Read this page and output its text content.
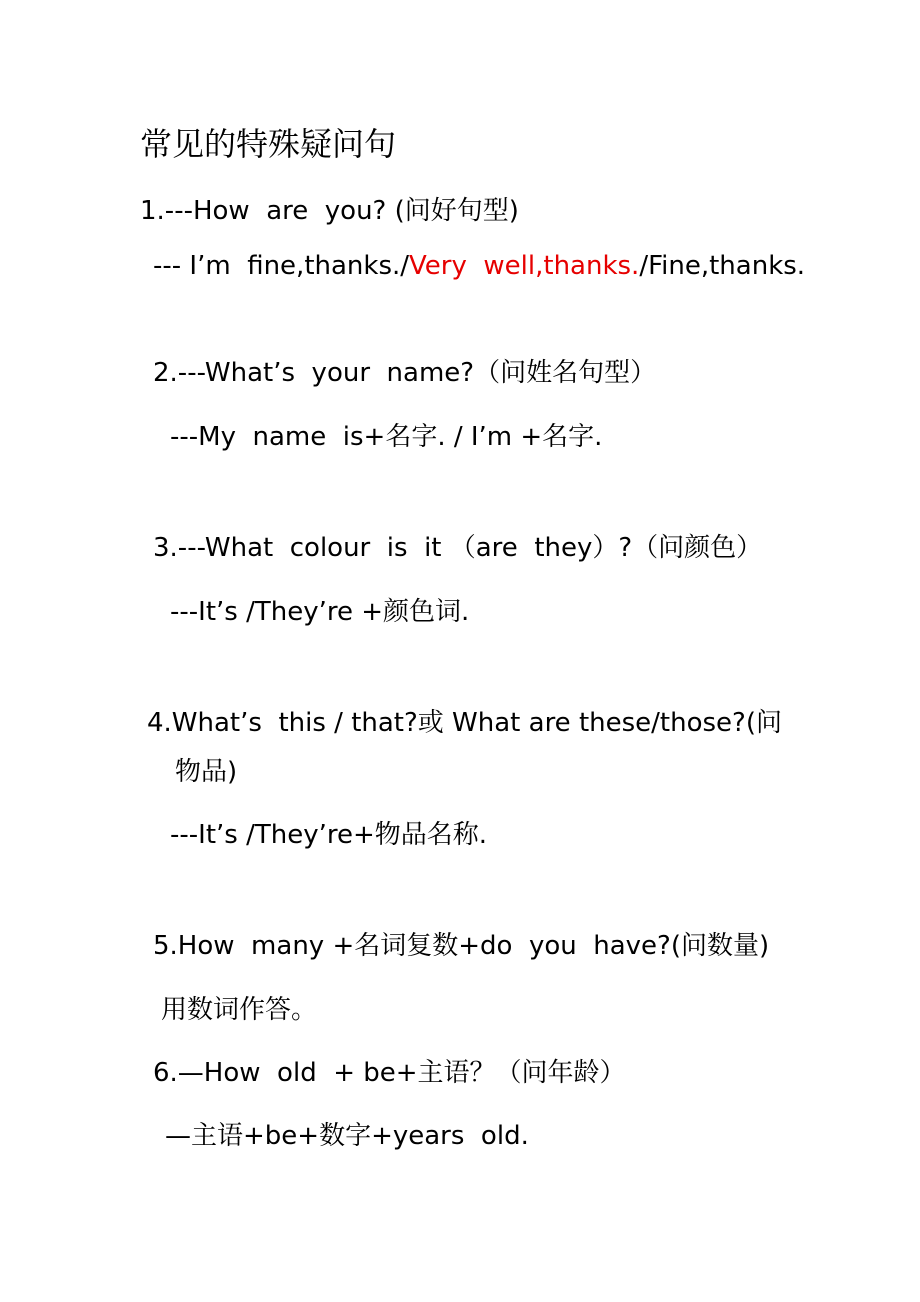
常见的特殊疑问句
1.---How  are  you? (问好句型)
--- I’m  fine,thanks./Very  well,thanks./Fine,thanks.
2.---What’s  your  name?（问姓名句型）
---My  name  is+名字. / I’m +名字.
3.---What  colour  is  it （are  they）?（问颜色）
---It’s /They’re +颜色词.
4.What’s  this / that?或 What are these/those?(问
物品)
---It’s /They’re+物品名称.
5.How  many +名词复数+do  you  have?(问数量)
用数词作答。
6.—How  old  + be+主语？（问年龄）
—主语+be+数字+years  old.
